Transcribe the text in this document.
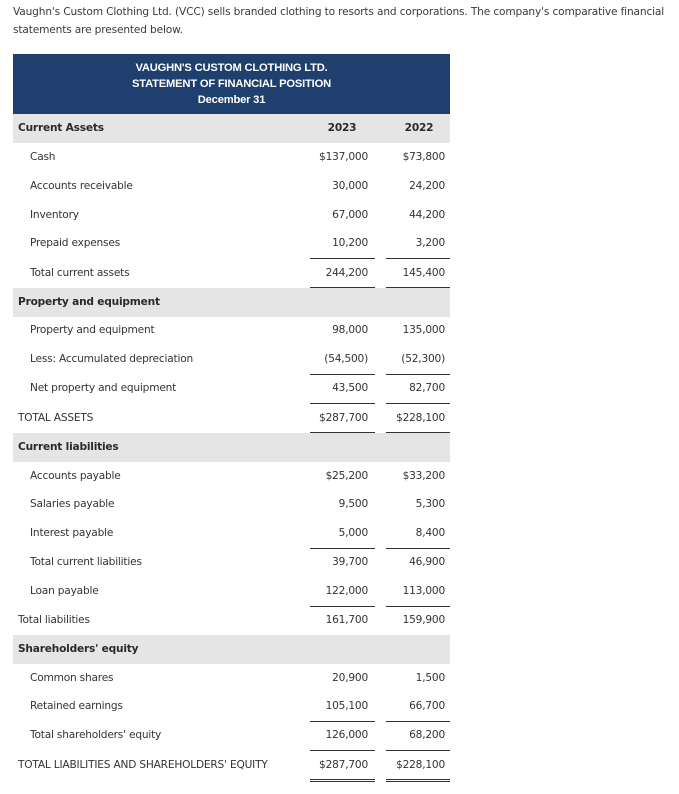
Vaughn's Custom Clothing Ltd. (VCC) sells branded clothing to resorts and corporations. The company's comparative financial statements are presented below.
VAUGHN'S CUSTOM CLOTHING LTD.
STATEMENT OF FINANCIAL POSITION
December 31
Current Assets	2023	2022
Cash	$137,000	$73,800
Accounts receivable	30,000	24,200
Inventory	67,000	44,200
Prepaid expenses	10,200	3,200
Total current assets	244,200	145,400
Property and equipment
Property and equipment	98,000	135,000
Less: Accumulated depreciation	(54,500)	(52,300)
Net property and equipment	43,500	82,700
TOTAL ASSETS	$287,700	$228,100
Current liabilities
Accounts payable	$25,200	$33,200
Salaries payable	9,500	5,300
Interest payable	5,000	8,400
Total current liabilities	39,700	46,900
Loan payable	122,000	113,000
Total liabilities	161,700	159,900
Shareholders' equity
Common shares	20,900	1,500
Retained earnings	105,100	66,700
Total shareholders' equity	126,000	68,200
TOTAL LIABILITIES AND SHAREHOLDERS' EQUITY	$287,700	$228,100
